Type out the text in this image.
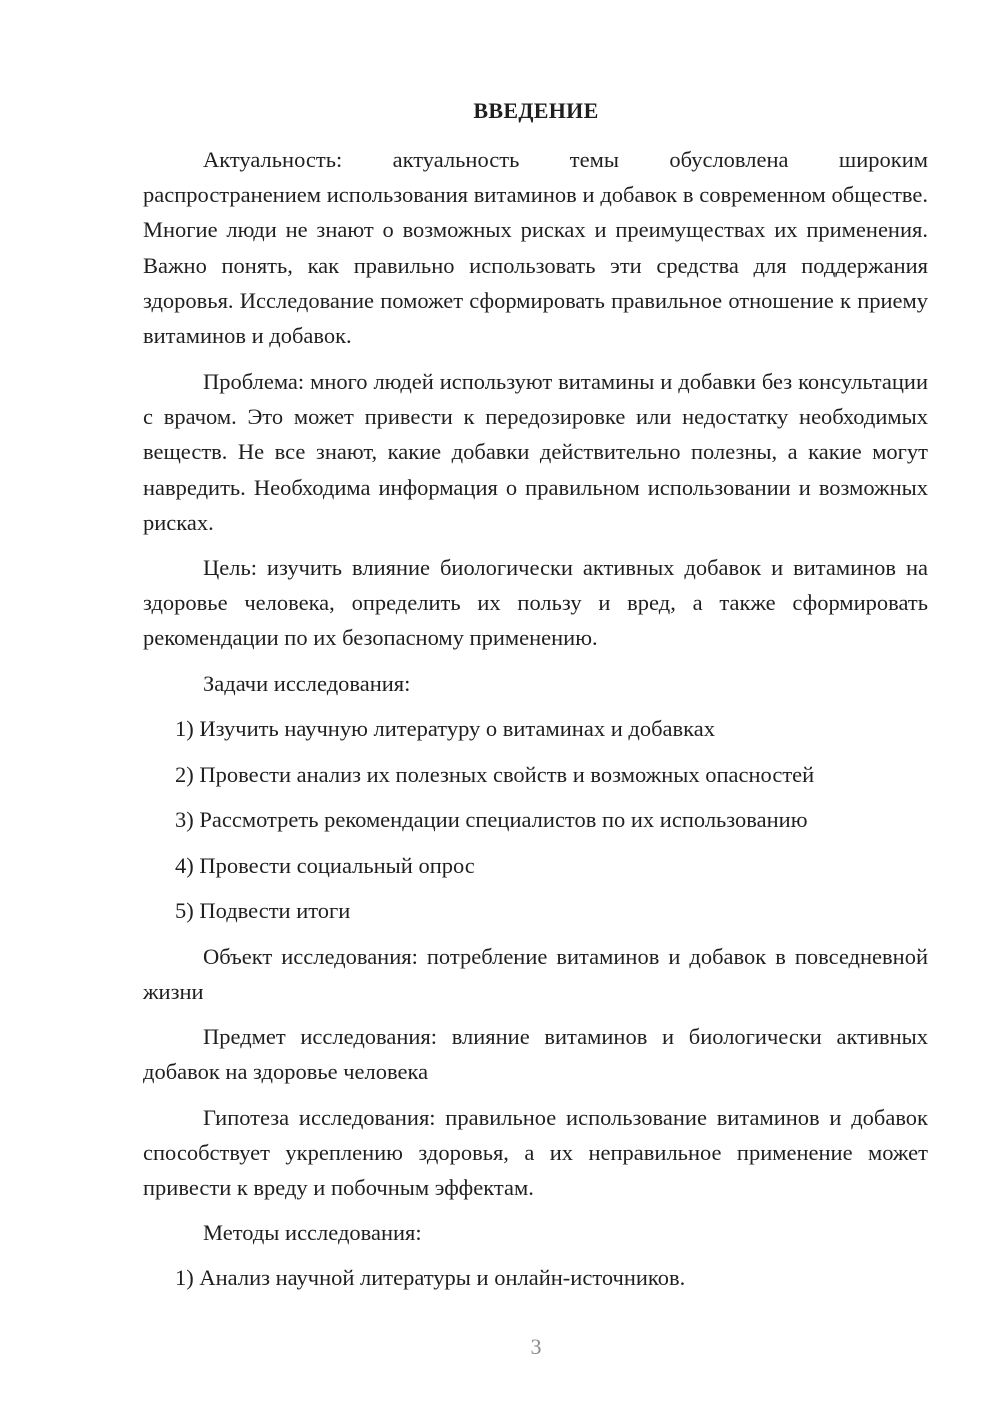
ВВЕДЕНИЕ

Актуальность: актуальность темы обусловлена широким распространением использования витаминов и добавок в современном обществе. Многие люди не знают о возможных рисках и преимуществах их применения. Важно понять, как правильно использовать эти средства для поддержания здоровья. Исследование поможет сформировать правильное отношение к приему витаминов и добавок.

Проблема: много людей используют витамины и добавки без консультации с врачом. Это может привести к передозировке или недостатку необходимых веществ. Не все знают, какие добавки действительно полезны, а какие могут навредить. Необходима информация о правильном использовании и возможных рисках.

Цель: изучить влияние биологически активных добавок и витаминов на здоровье человека, определить их пользу и вред, а также сформировать рекомендации по их безопасному применению.

Задачи исследования:

1) Изучить научную литературу о витаминах и добавках

2) Провести анализ их полезных свойств и возможных опасностей

3) Рассмотреть рекомендации специалистов по их использованию

4) Провести социальный опрос

5) Подвести итоги

Объект исследования: потребление витаминов и добавок в повседневной жизни

Предмет исследования: влияние витаминов и биологически активных добавок на здоровье человека

Гипотеза исследования: правильное использование витаминов и добавок способствует укреплению здоровья, а их неправильное применение может привести к вреду и побочным эффектам.

Методы исследования:

1) Анализ научной литературы и онлайн-источников.

3
